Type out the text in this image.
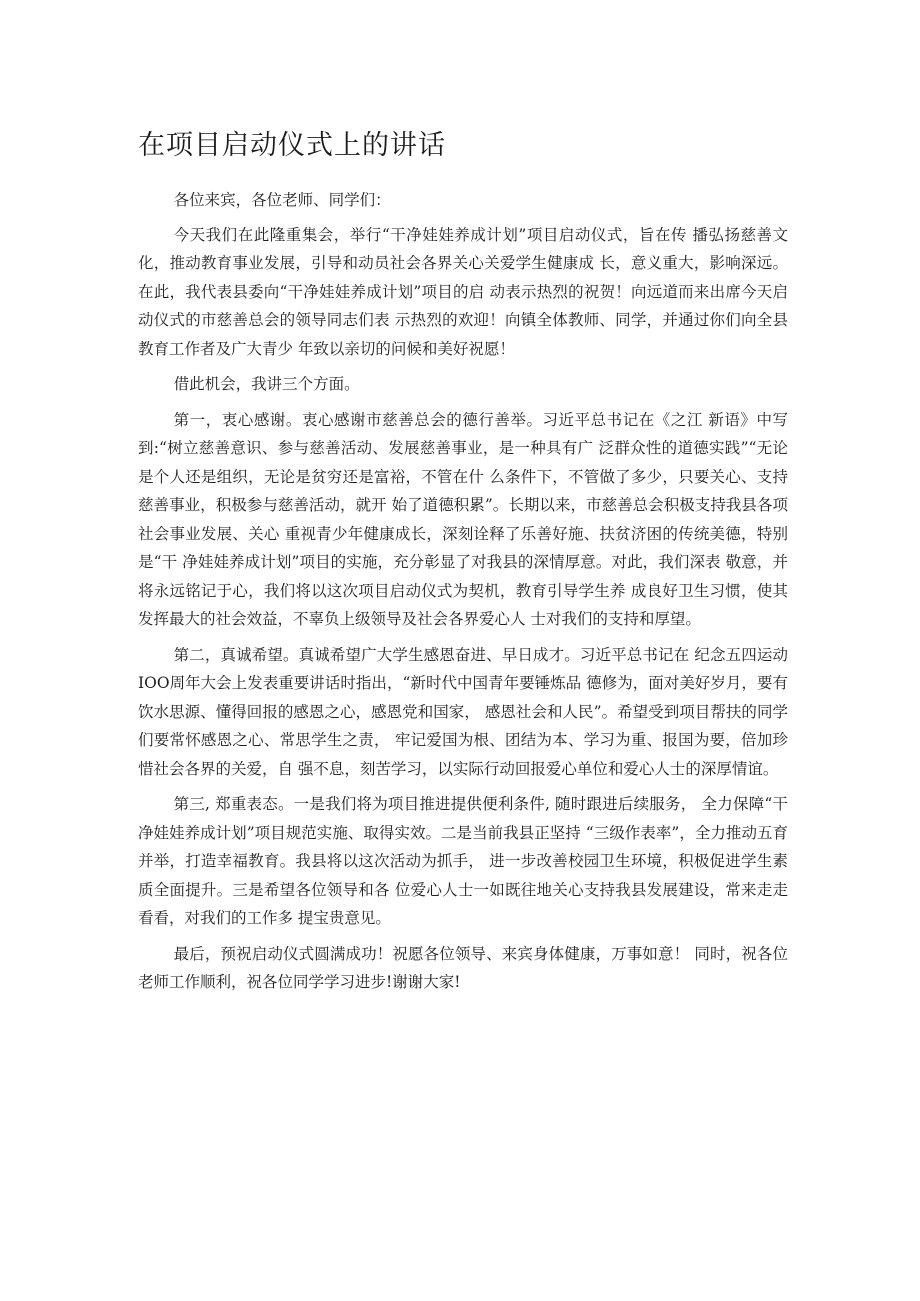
在项目启动仪式上的讲话

各位来宾，各位老师、同学们：

今天我们在此隆重集会，举行“干净娃娃养成计划”项目启动仪式，旨在传 播弘扬慈善文化，推动教育事业发展，引导和动员社会各界关心关爱学生健康成 长，意义重大，影响深远。在此，我代表县委向“干净娃娃养成计划”项目的启 动表示热烈的祝贺！向远道而来出席今天启动仪式的市慈善总会的领导同志们表 示热烈的欢迎！向镇全体教师、同学，并通过你们向全县教育工作者及广大青少 年致以亲切的问候和美好祝愿！

借此机会，我讲三个方面。

第一，衷心感谢。衷心感谢市慈善总会的德行善举。习近平总书记在《之江 新语》中写到:“树立慈善意识、参与慈善活动、发展慈善事业，是一种具有广 泛群众性的道德实践”“无论是个人还是组织，无论是贫穷还是富裕，不管在什 么条件下，不管做了多少，只要关心、支持慈善事业，积极参与慈善活动，就开 始了道德积累”。长期以来，市慈善总会积极支持我县各项社会事业发展、关心 重视青少年健康成长，深刻诠释了乐善好施、扶贫济困的传统美德，特别是“干 净娃娃养成计划”项目的实施，充分彰显了对我县的深情厚意。对此，我们深表 敬意，并将永远铭记于心，我们将以这次项目启动仪式为契机，教育引导学生养 成良好卫生习惯，使其发挥最大的社会效益，不辜负上级领导及社会各界爱心人 士对我们的支持和厚望。

第二，真诚希望。真诚希望广大学生感恩奋进、早日成才。习近平总书记在 纪念五四运动IOO周年大会上发表重要讲话时指出，“新时代中国青年要锤炼品 德修为，面对美好岁月，要有饮水思源、懂得回报的感恩之心，感恩党和国家， 感恩社会和人民”。希望受到项目帮扶的同学们要常怀感恩之心、常思学生之责， 牢记爱国为根、团结为本、学习为重、报国为要，倍加珍惜社会各界的关爱，自 强不息，刻苦学习，以实际行动回报爱心单位和爱心人士的深厚情谊。

第三, 郑重表态。一是我们将为项目推进提供便利条件, 随时跟进后续服务， 全力保障“干净娃娃养成计划”项目规范实施、取得实效。二是当前我县正坚持 “三级作表率”，全力推动五育并举，打造幸福教育。我县将以这次活动为抓手， 进一步改善校园卫生环境，积极促进学生素质全面提升。三是希望各位领导和各 位爱心人士一如既往地关心支持我县发展建设，常来走走看看，对我们的工作多 提宝贵意见。

最后，预祝启动仪式圆满成功！祝愿各位领导、来宾身体健康，万事如意！ 同时，祝各位老师工作顺利，祝各位同学学习进步!谢谢大家!
